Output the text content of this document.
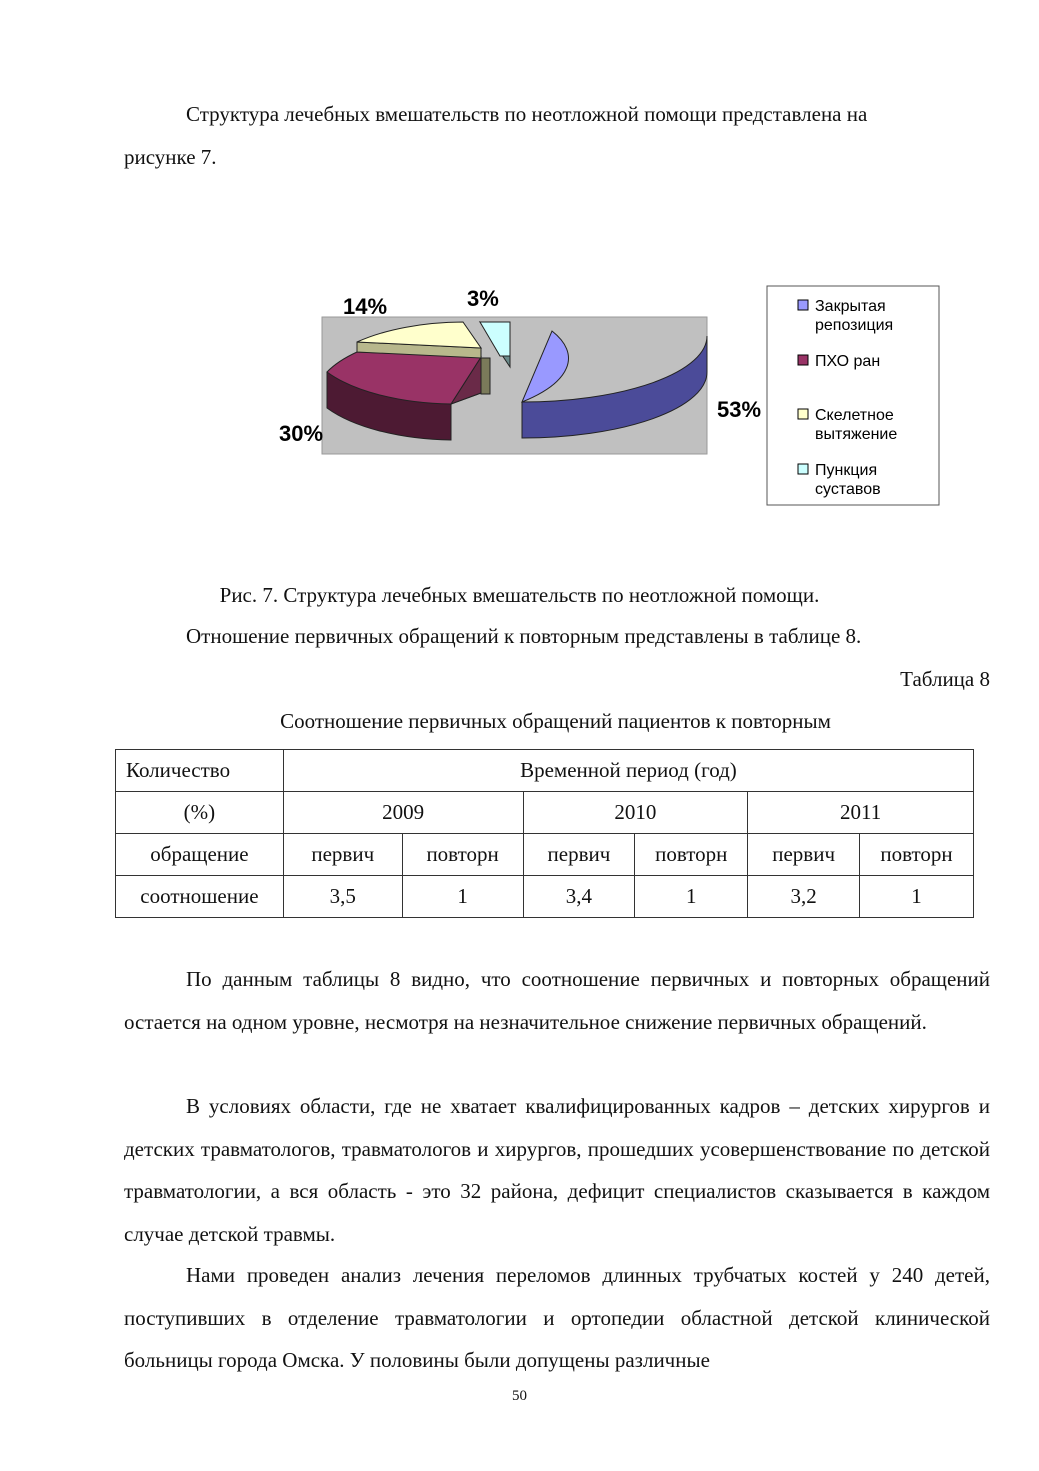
Структура лечебных вмешательств по неотложной помощи представлена на
рисунке 7.

53%
30%
14%	3%	Закрытая
репозиция
ПХО ран
Скелетное
вытяжение
Пункция
суставов

Рис. 7. Структура лечебных вмешательств по неотложной помощи.

Отношение первичных обращений к повторным представлены в таблице 8.

Таблица 8

Соотношение первичных обращений пациентов к повторным

Количество	Временной период (год)					
(%)	2009		2010		2011	
обращение	первич	повторн	первич	повторн	первич	повторн
соотношение	3,5	1	3,4	1	3,2	1

По данным таблицы 8 видно, что соотношение первичных и повторных обращений остается на одном уровне, несмотря на незначительное снижение первичных обращений.

В условиях области, где не хватает квалифицированных кадров – детских хирургов и детских травматологов, травматологов и хирургов, прошедших усовершенствование по детской травматологии, а вся область - это 32 района, дефицит специалистов сказывается в каждом случае детской травмы.

Нами проведен анализ лечения переломов длинных трубчатых костей у 240 детей, поступивших в отделение травматологии и ортопедии областной детской клинической больницы города Омска. У половины были допущены различные

50
